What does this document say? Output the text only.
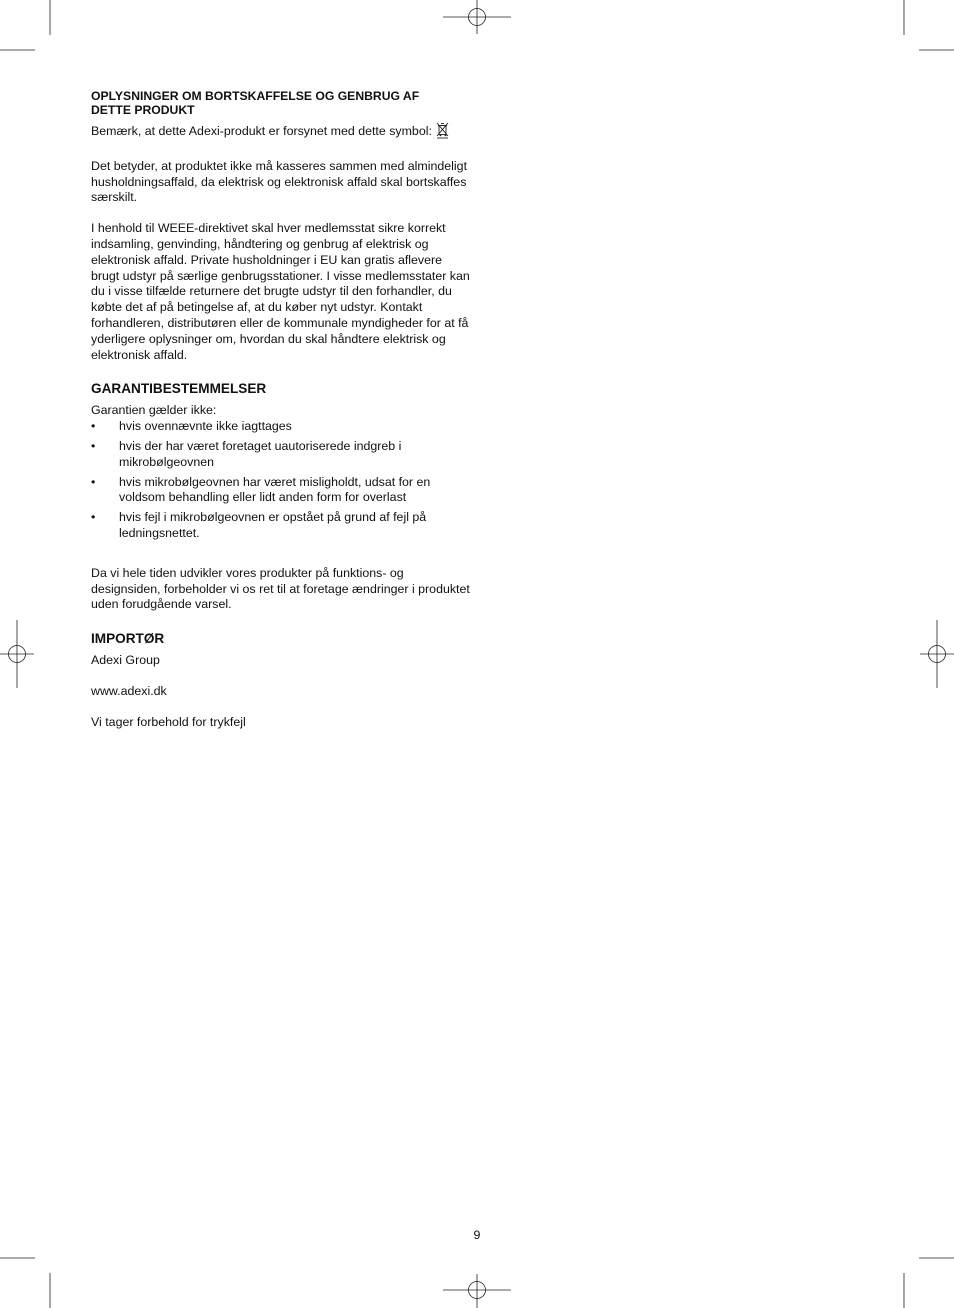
OPLYSNINGER OM BORTSKAFFELSE OG GENBRUG AF
DETTE PRODUKT

Bemærk, at dette Adexi-produkt er forsynet med dette symbol:

Det betyder, at produktet ikke må kasseres sammen med almindeligt husholdningsaffald, da elektrisk og elektronisk affald skal bortskaffes særskilt.

I henhold til WEEE-direktivet skal hver medlemsstat sikre korrekt indsamling, genvinding, håndtering og genbrug af elektrisk og elektronisk affald. Private husholdninger i EU kan gratis aflevere brugt udstyr på særlige genbrugsstationer. I visse medlemsstater kan du i visse tilfælde returnere det brugte udstyr til den forhandler, du købte det af på betingelse af, at du køber nyt udstyr. Kontakt forhandleren, distributøren eller de kommunale myndigheder for at få yderligere oplysninger om, hvordan du skal håndtere elektrisk og elektronisk affald.

GARANTIBESTEMMELSER

Garantien gælder ikke:

• hvis ovennævnte ikke iagttages
• hvis der har været foretaget uautoriserede indgreb i mikrobølgeovnen
• hvis mikrobølgeovnen har været misligholdt, udsat for en voldsom behandling eller lidt anden form for overlast
• hvis fejl i mikrobølgeovnen er opstået på grund af fejl på ledningsnettet.

Da vi hele tiden udvikler vores produkter på funktions- og designsiden, forbeholder vi os ret til at foretage ændringer i produktet uden forudgående varsel.

IMPORTØR

Adexi Group

www.adexi.dk

Vi tager forbehold for trykfejl

9
